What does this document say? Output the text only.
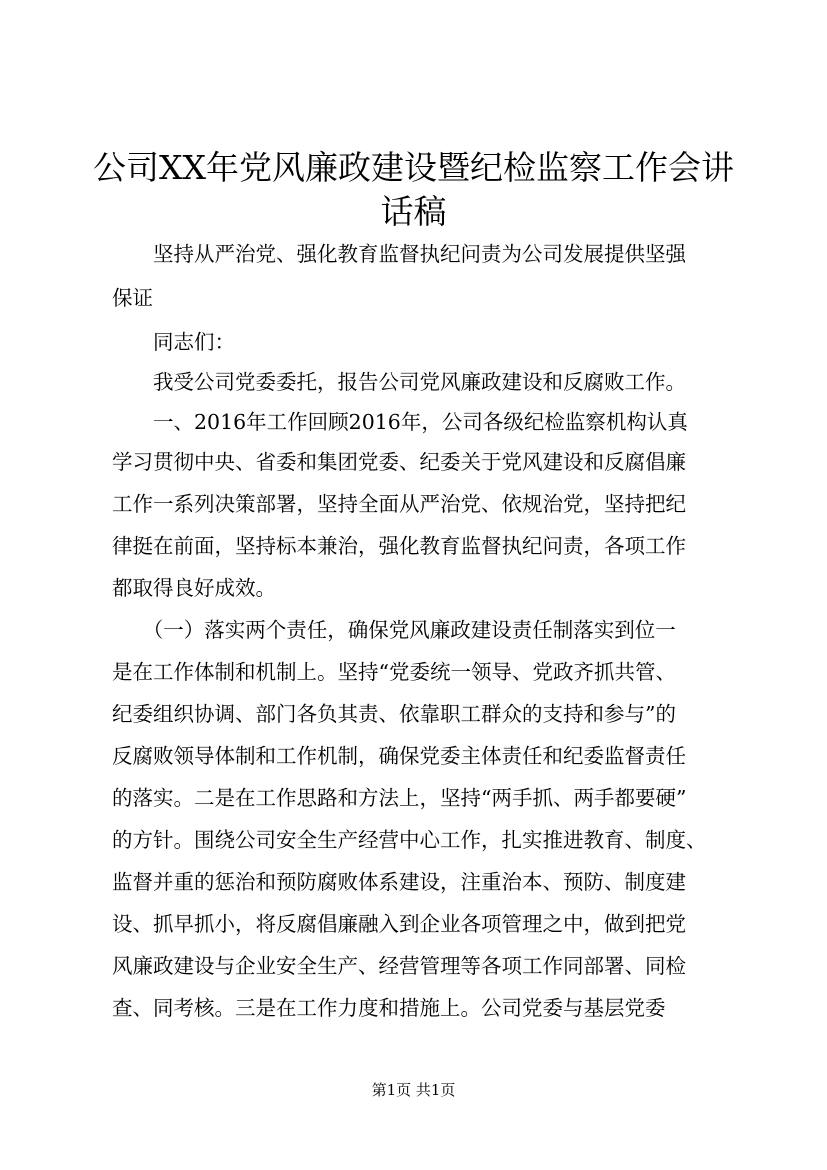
公司XX年党风廉政建设暨纪检监察工作会讲
话稿

　　坚持从严治党、强化教育监督执纪问责为公司发展提供坚强

保证

　　同志们：

　　我受公司党委委托，报告公司党风廉政建设和反腐败工作。

　　一、2016年工作回顾2016年，公司各级纪检监察机构认真

学习贯彻中央、省委和集团党委、纪委关于党风建设和反腐倡廉

工作一系列决策部署，坚持全面从严治党、依规治党，坚持把纪

律挺在前面，坚持标本兼治，强化教育监督执纪问责，各项工作

都取得良好成效。

　　（一）落实两个责任，确保党风廉政建设责任制落实到位一

是在工作体制和机制上。坚持“党委统一领导、党政齐抓共管、

纪委组织协调、部门各负其责、依靠职工群众的支持和参与”的

反腐败领导体制和工作机制，确保党委主体责任和纪委监督责任

的落实。二是在工作思路和方法上，坚持“两手抓、两手都要硬”

的方针。围绕公司安全生产经营中心工作，扎实推进教育、制度、

监督并重的惩治和预防腐败体系建设，注重治本、预防、制度建

设、抓早抓小，将反腐倡廉融入到企业各项管理之中，做到把党

风廉政建设与企业安全生产、经营管理等各项工作同部署、同检

查、同考核。三是在工作力度和措施上。公司党委与基层党委

第1页 共1页
